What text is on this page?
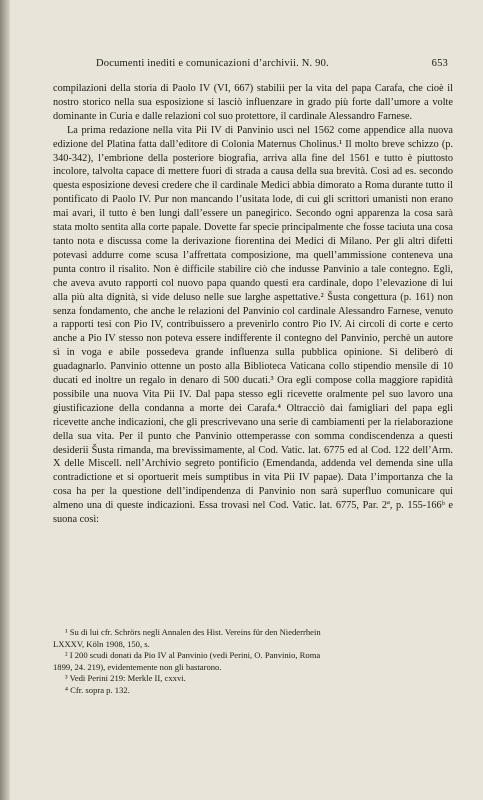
Documenti inediti e comunicazioni d’archivii. N. 90.	653

compilazioni della storia di Paolo IV (VI, 667) stabilìi per la vita del papa Carafa, che cioè il nostro storico nella sua esposizione si lasciò influenzare in grado più forte dall’umore a volte dominante in Curia e dalle relazioni col suo protettore, il cardinale Alessandro Farnese.

La prima redazione nella vita Pii IV di Panvinio uscì nel 1562 come appendice alla nuova edizione del Platina fatta dall’editore di Colonia Maternus Cholinus.¹ Il molto breve schizzo (p. 340-342), l’embrione della posteriore biografia, arriva alla fine del 1561 e tutto è piuttosto incolore, talvolta capace di mettere fuori di strada a causa della sua brevità. Così ad es. secondo questa esposizione devesi credere che il cardinale Medici abbia dimorato a Roma durante tutto il pontificato di Paolo IV. Pur non mancando l’usitata lode, di cui gli scrittori umanisti non erano mai avari, il tutto è ben lungi dall’essere un panegirico. Secondo ogni apparenza la cosa sarà stata molto sentita alla corte papale. Dovette far specie principalmente che fosse taciuta una cosa tanto nota e discussa come la derivazione fiorentina dei Medici di Milano. Per gli altri difetti potevasi addurre come scusa l’affrettata composizione, ma quell’ammissione conteneva una punta contro il risalito. Non è difficile stabilire ciò che indusse Panvinio a tale contegno. Egli, che aveva avuto rapporti col nuovo papa quando questi era cardinale, dopo l’elevazione di lui alla più alta dignità, si vide deluso nelle sue larghe aspettative.² Šusta congettura (p. 161) non senza fondamento, che anche le relazioni del Panvinio col cardinale Alessandro Farnese, venuto a rapporti tesi con Pio IV, contribuissero a prevenirlo contro Pio IV. Ai circoli di corte e certo anche a Pio IV stesso non poteva essere indifferente il contegno del Panvinio, perchè un autore sì in voga e abile possedeva grande influenza sulla pubblica opinione. Si deliberò di guadagnarlo. Panvinio ottenne un posto alla Biblioteca Vaticana collo stipendio mensile di 10 ducati ed inoltre un regalo in denaro di 500 ducati.³ Ora egli compose colla maggiore rapidità possibile una nuova Vita Pii IV. Dal papa stesso egli ricevette oralmente pel suo lavoro una giustificazione della condanna a morte dei Carafa.⁴ Oltracciò dai famigliari del papa egli ricevette anche indicazioni, che gli prescrivevano una serie di cambiamenti per la rielaborazione della sua vita. Per il punto che Panvinio ottemperasse con somma condiscendenza a questi desiderii Šusta rimanda, ma brevissimamente, al Cod. Vatic. lat. 6775 ed al Cod. 122 dell’Arm. X delle Miscell. nell’Archivio segreto pontificio (Emendanda, addenda vel demenda sine ulla contradictione et si oportuerit meis sumptibus in vita Pii IV papae). Data l’importanza che la cosa ha per la questione dell’indipendenza di Panvinio non sarà superfluo comunicare qui almeno una di queste indicazioni. Essa trovasi nel Cod. Vatic. lat. 6775, Par. 2ª, p. 155-166ᵇ e suona così:

¹ Su di lui cfr. Schrörs negli Annalen des Hist. Vereins für den Niederrhein

LXXXV, Köln 1908, 150, s.

² I 200 scudi donati da Pio IV al Panvinio (vedi Perini, O. Panvinio, Roma

1899, 24. 219), evidentemente non gli bastarono.

³ Vedi Perini 219: Merkle II, cxxvi.

⁴ Cfr. sopra p. 132.
